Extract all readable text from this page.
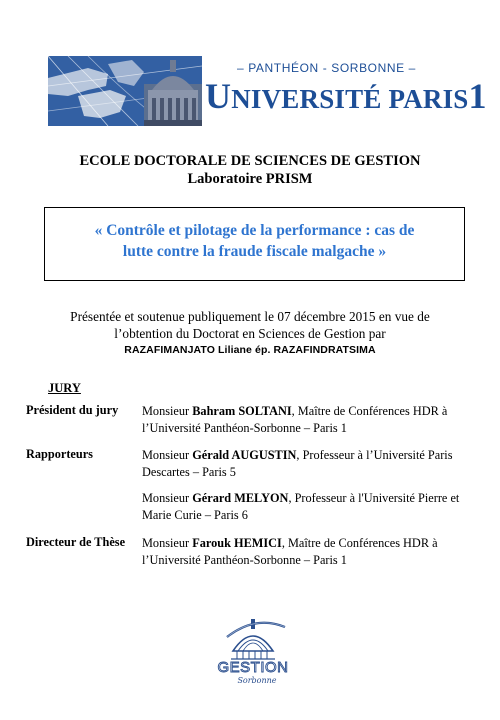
– PANTHÉON - SORBONNE –
UNIVERSITÉ PARIS1
ECOLE DOCTORALE DE SCIENCES DE GESTION
Laboratoire PRISM
« Contrôle et pilotage de la performance : cas de
lutte contre la fraude fiscale malgache »
Présentée et soutenue publiquement le 07 décembre 2015 en vue de
l’obtention du Doctorat en Sciences de Gestion par
RAZAFIMANJATO Liliane ép. RAZAFINDRATSIMA
JURY
Président du jury Monsieur Bahram SOLTANI, Maître de Conférences HDR à
l’Université Panthéon-Sorbonne – Paris 1
Rapporteurs	Monsieur Gérald AUGUSTIN, Professeur à l’Université Paris
Descartes – Paris 5
Monsieur Gérard MELYON, Professeur à l'Université Pierre et
Marie Curie – Paris 6
Directeur de Thèse Monsieur Farouk HEMICI, Maître de Conférences HDR à
l’Université Panthéon-Sorbonne – Paris 1
GESTION
Sorbonne
